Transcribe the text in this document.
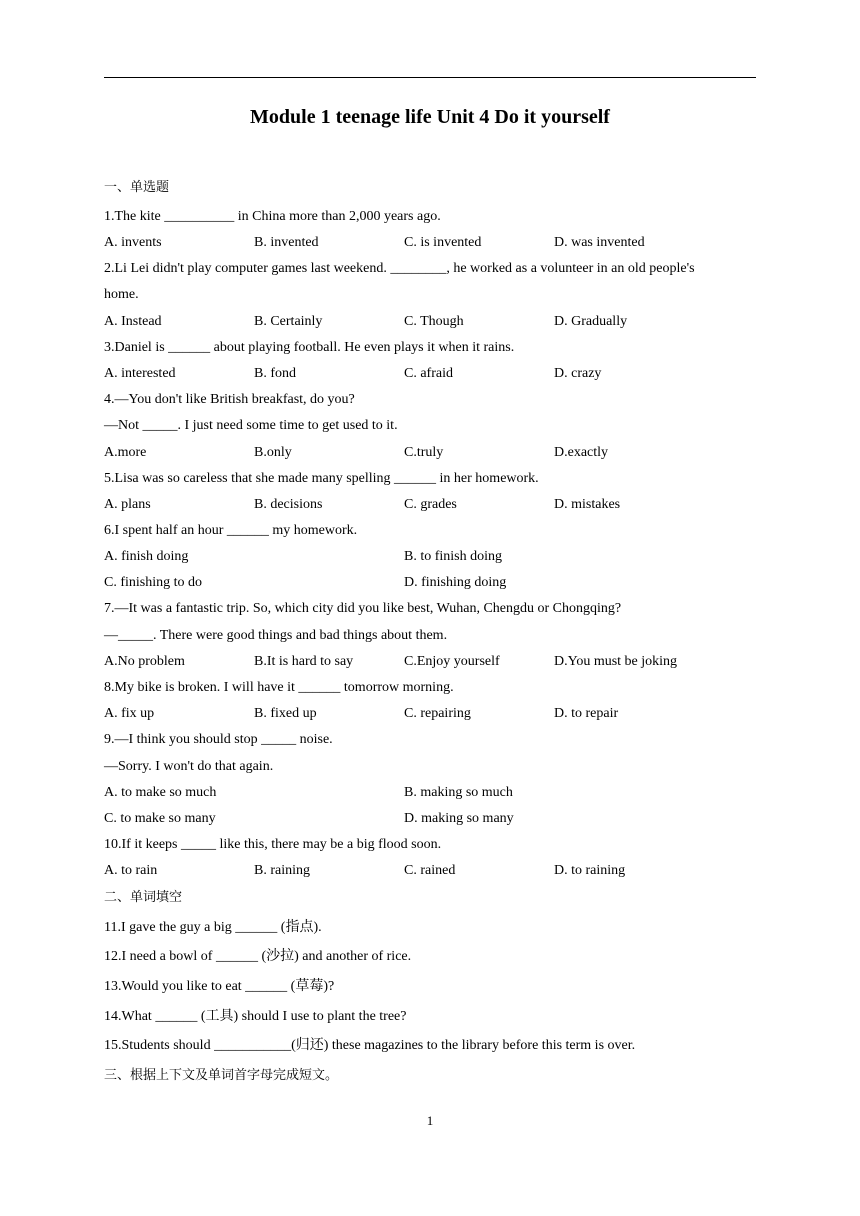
Module 1 teenage life Unit 4 Do it yourself
一、单选题
1.The kite __________ in China more than 2,000 years ago.
A. invents	B. invented	C. is invented	D. was invented
2.Li Lei didn't play computer games last weekend. ________, he worked as a volunteer in an old people's
home.
A. Instead	B. Certainly	C. Though	D. Gradually
3.Daniel is ______ about playing football. He even plays it when it rains.
A. interested	B. fond	C. afraid	D. crazy
4.—You don't like British breakfast, do you?
—Not _____. I just need some time to get used to it.
A.more	B.only	C.truly	D.exactly
5.Lisa was so careless that she made many spelling ______ in her homework.
A. plans	B. decisions	C. grades	D. mistakes
6.I spent half an hour ______ my homework.
A. finish doing	B. to finish doing
C. finishing to do	D. finishing doing
7.—It was a fantastic trip. So, which city did you like best, Wuhan, Chengdu or Chongqing?
—_____. There were good things and bad things about them.
A.No problem	B.It is hard to say	C.Enjoy yourself	D.You must be joking
8.My bike is broken. I will have it ______ tomorrow morning.
A. fix up	B. fixed up	C. repairing	D. to repair
9.—I think you should stop _____ noise.
—Sorry. I won't do that again.
A. to make so much	B. making so much
C. to make so many	D. making so many
10.If it keeps _____ like this, there may be a big flood soon.
A. to rain	B. raining	C. rained	D. to raining
二、单词填空
11.I gave the guy a big ______ (指点).
12.I need a bowl of ______ (沙拉) and another of rice.
13.Would you like to eat ______ (草莓)?
14.What ______ (工具) should I use to plant the tree?
15.Students should ___________(归还) these magazines to the library before this term is over.
三、根据上下文及单词首字母完成短文。
1
